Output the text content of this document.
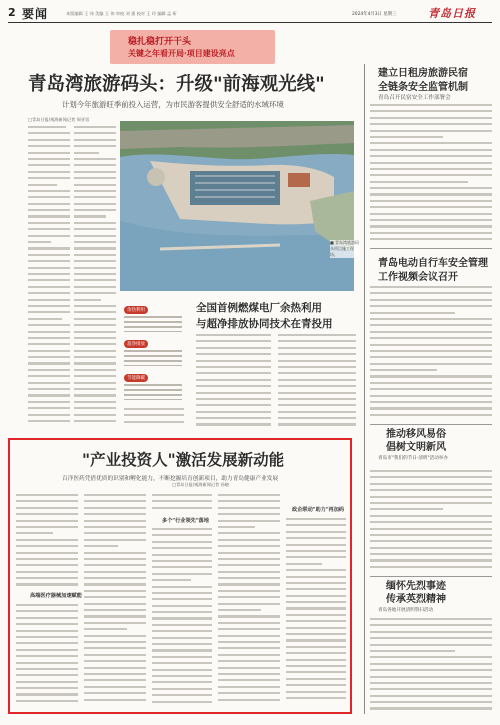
2 要闻	本版编辑 王 伟 美编 王 伟 审校 刘 强 校对 王 玲 编辑 孟 昕	2024年4月3日 星期三	青岛日报
稳扎稳打开干头
关键之年看开局·项目建设亮点
青岛湾旅游码头：升级"前海观光线"
计划今年旅游旺季前投入运营，为市民游客提供安全舒适的水域环境
□青岛日报/观海新闻记者 周亚男
■ 青岛湾旅游码头项目施工现场。
余热利用
超净排放
节能降碳
全国首例燃煤电厂余热利用
与超净排放协同技术在青投用
建立日租房旅游民宿
全链条安全监管机制
青岛召开民宿安全工作部署会
青岛电动自行车安全管理
工作视频会议召开
推动移风易俗
倡树文明新风
青岛市"我们的节日·清明"活动举办
缅怀先烈事迹
传承英烈精神
青岛各地开展清明祭扫活动
"产业投资人"激活发展新动能
百洋医药凭借优质的识别和孵化能力，不断挖掘培育创新项目，助力青岛健康产业发展
□青岛日报/观海新闻记者 孙晓
高端医疗器械加速赋能
多个"行业领先"落地
政企联动"助力"再加码
